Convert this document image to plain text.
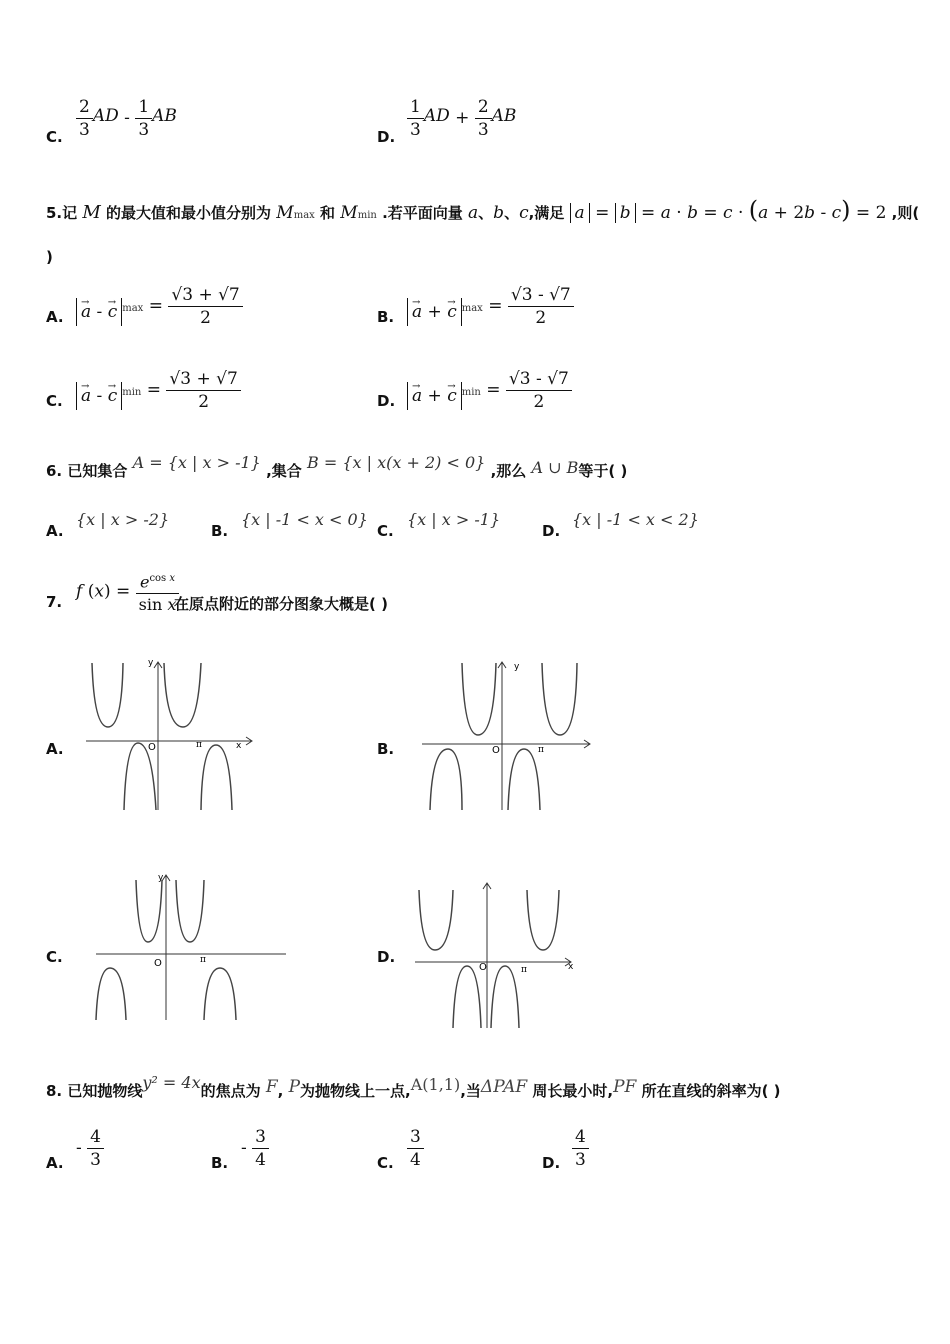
C. $\frac{2}{3}$ AD - $\frac{1}{3}$ AB
D. $\frac{1}{3}$ AD + $\frac{2}{3}$ AB
5.记 M 的最大值和最小值分别为 Mmax 和 Mmin .若平面向量 a、b、c,满足 a = b = a · b = c · (a + 2b - c) = 2 ,则(
)
A. → a - → c $\max = \frac{√3 + √7}{2}$	B. → a + → c $\max = \frac{√3 - √7}{2}$
C. → a - → c $\min = \frac{√3 + √7}{2}$	D. → a + → c $\min = \frac{√3 - √7}{2}$
6. 已知集合 A = {x | x > -1} ,集合 B = {x | x(x + 2) < 0} ,那么 A ∪ B等于( )
A.
{x | x > -2}
B.
{x | -1 < x < 0}
C.
{x | x > -1}
D.
{x | -1 < x < 2}
7.
f $(x) = \frac{e^{cos x}}{\text{sin x}}$
在原点附近的部分图象大概是( )
A.	x
y
O	π	B.
y
O	π
C.
y
O	π	D.
x
O	π
8. 已知抛物线y² = 4x的焦点为 F, P为抛物线上一点,A(1,1),当ΔPAF 周长最小时,PF 所在直线的斜率为( )
A.
- $\frac{4}{3}$	B.
- $\frac{3}{4}$	C. $\frac{3}{4}$	D. $\frac{4}{3}$
